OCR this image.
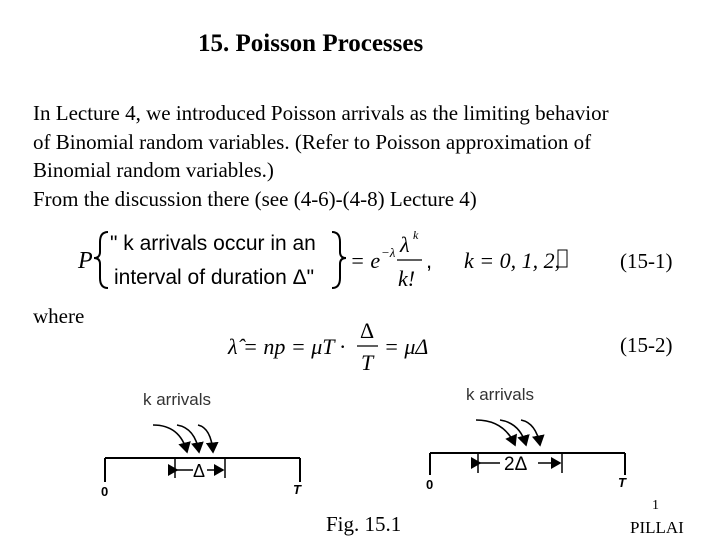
15. Poisson Processes
In Lecture 4, we introduced Poisson arrivals as the limiting behavior
of Binomial random variables. (Refer to Poisson approximation of
Binomial random variables.)
From the discussion there (see (4-6)-(4-8) Lecture 4)
P
" k arrivals occur in an
interval of duration Δ"
= e −λ λ k
k!
, k = 0, 1, 2,	(15-1)
where
λ̂ = np = μT ·
Δ
T
= μΔ	(15-2)
k arrivals
Δ
0	T
k arrivals
2Δ
0	T
Fig. 15.1
1
PILLAI
